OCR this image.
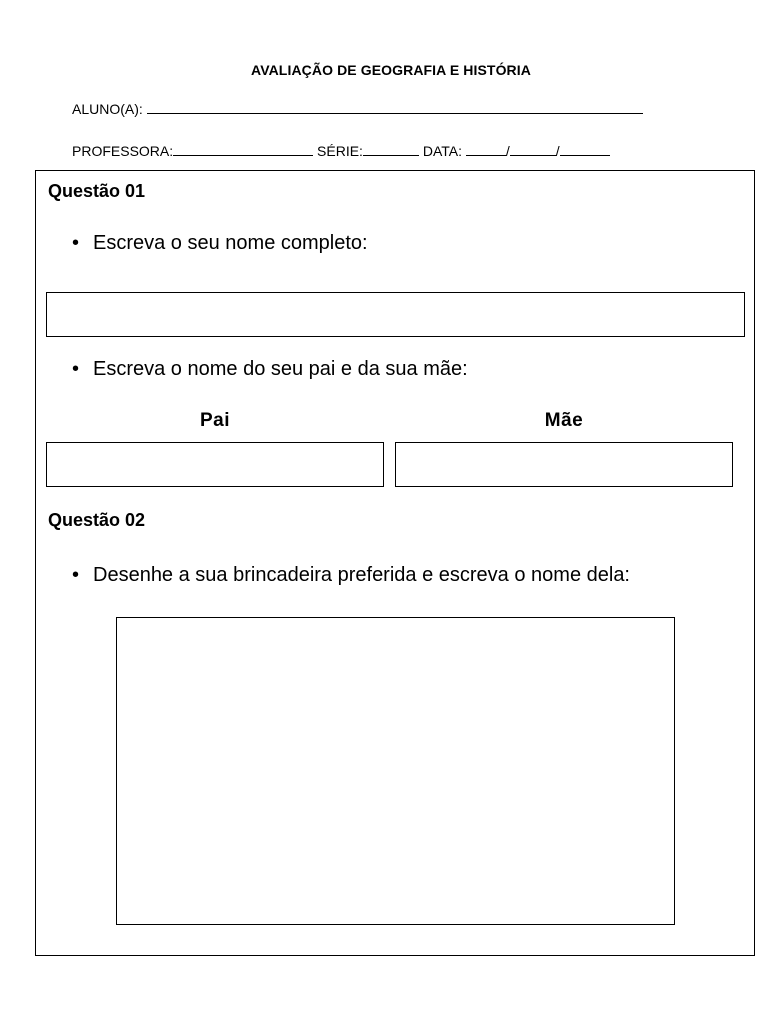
AVALIAÇÃO DE GEOGRAFIA E HISTÓRIA
ALUNO(A):
PROFESSORA:	SÉRIE:	DATA:	/	/
Questão 01
• Escreva o seu nome completo:
• Escreva o nome do seu pai e da sua mãe:
Pai	Mãe
Questão 02
• Desenhe a sua brincadeira preferida e escreva o nome dela:
